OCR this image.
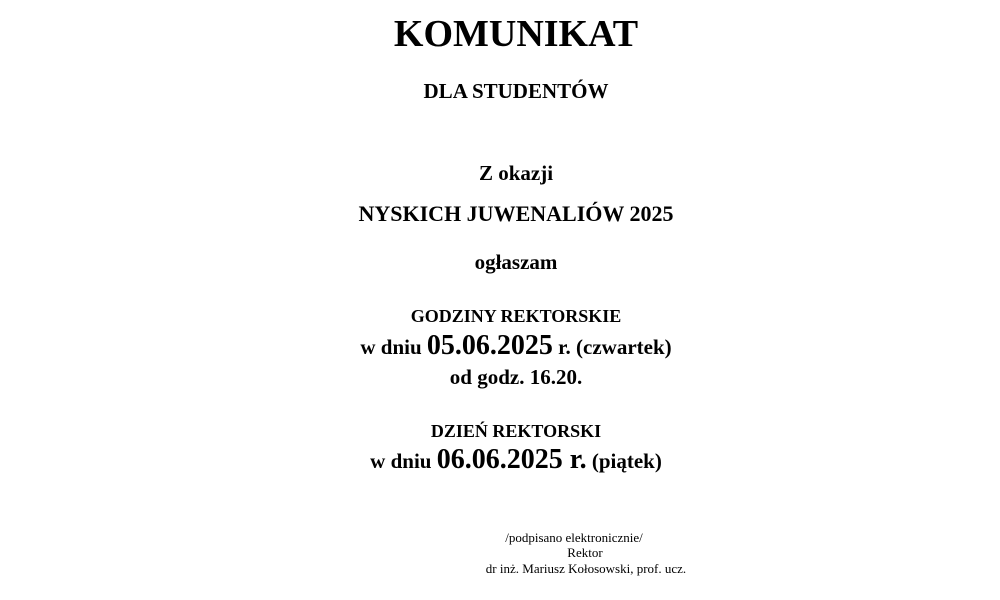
KOMUNIKAT
DLA STUDENTÓW
Z okazji
NYSKICH JUWENALIÓW 2025
ogłaszam
GODZINY REKTORSKIE
w dniu 05.06.2025 r. (czwartek)
od godz. 16.20.
DZIEŃ REKTORSKI
w dniu 06.06.2025 r. (piątek)
/podpisano elektronicznie/
Rektor
dr inż. Mariusz Kołosowski, prof. ucz.
